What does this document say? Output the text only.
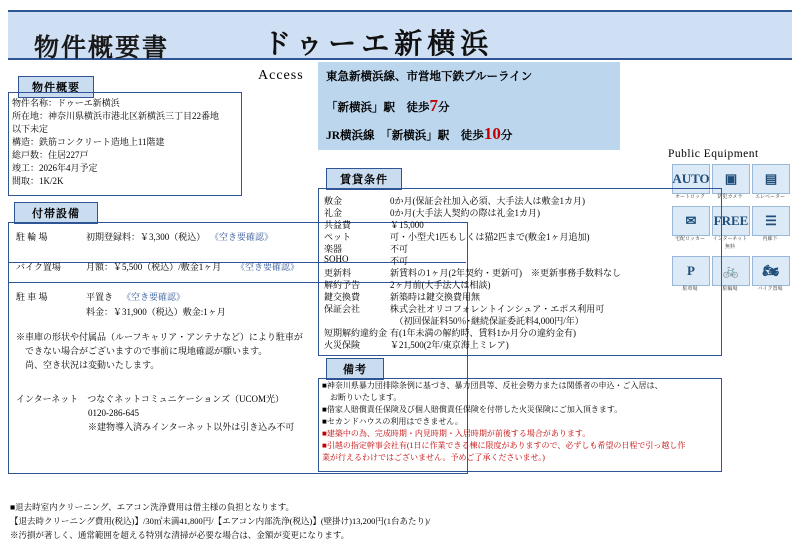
物件概要書	ドゥーエ新横浜
Access 東急新横浜線、市営地下鉄ブルーライン
「新横浜」駅　徒歩7分
JR横浜線　「新横浜」駅　徒歩10分
Public Equipment
AUTO
オートロック
▣
防犯カメラ
▤
エレベーター
✉
宅配ロッカー
FREE
インターネット無料
☰
内廊下
P
駐車場
🚲
駐輪場
🏍
バイク置場
物件概要
物件名称：ドゥーエ新横浜
所在地：神奈川県横浜市港北区新横浜三丁目22番地
以下未定
構造：鉄筋コンクリート造地上11階建
総戸数：住居227戸
竣工：2026年4月予定
間取：1K/2K
付帯設備
駐 輪 場	初期登録料：￥3,300（税込） 《空き要確認》
バイク置場	月額：￥5,500（税込）/敷金1ヶ月　 《空き要確認》
駐 車 場	平置き 《空き要確認》
料金：￥31,900（税込）敷金:1ヶ月
※車庫の形状や付属品（ルーフキャリア・アンテナなど）により駐車が
　できない場合がございますので事前に現地確認が願います。
　尚、空き状況は変動いたします。
インターネット　つなぐネットコミュニケーションズ（UCOM光）
　　　　　　　　0120-286-645
　　　　　　　　※建物導入済みインターネット以外は引き込み不可
賃貸条件
敷金	0か月(保証会社加入必須、大手法人は敷金1カ月)
礼金	0か月(大手法人契約の際は礼金1カ月)
共益費	￥15,000
ペット	可・小型犬1匹もしくは猫2匹まで(敷金1ヶ月追加)
楽器	不可
SOHO	不可
更新料	新賃料の1ヶ月(2年契約・更新可)　※更新事務手数料なし
解約予告	2ヶ月前(大手法人は相談)
鍵交換費	新築時は鍵交換費用無
保証会社	株式会社オリコフォレントインシュア・エポス利用可
　（初回保証料50％･継続保証委託料4,000円/年）
短期解約違約金 有(1年未満の解約時、賃料1か月分の違約金有)
火災保険	￥21,500(2年/東京海上ミレア)
備考
■神奈川県暴力団排除条例に基づき、暴力団員等、反社会勢力または関係者の申込・ご入居は、
　お断りいたします。
■借家人賠償責任保険及び個人賠償責任保険を付帯した火災保険にご加入頂きます。
■セカンドハウスの利用はできません。
■建築中の為、完成時期・内見時期・入居時期が前後する場合があります。
■引越の指定幹事会社有(1日に作業できる棟に限度がありますので、必ずしも希望の日程で引っ越し作
業が行えるわけではございません。予めご了承くださいませ。)
■退去時室内クリーニング、エアコン洗浄費用は借主様の負担となります。
【退去時クリーニング費用(税込)】/30㎡未満41,800円/【エアコン内部洗浄(税込)】(壁掛け)13,200円(1台あたり)/
※汚損が著しく、通常範囲を超える特別な清掃が必要な場合は、金額が変更になります。
